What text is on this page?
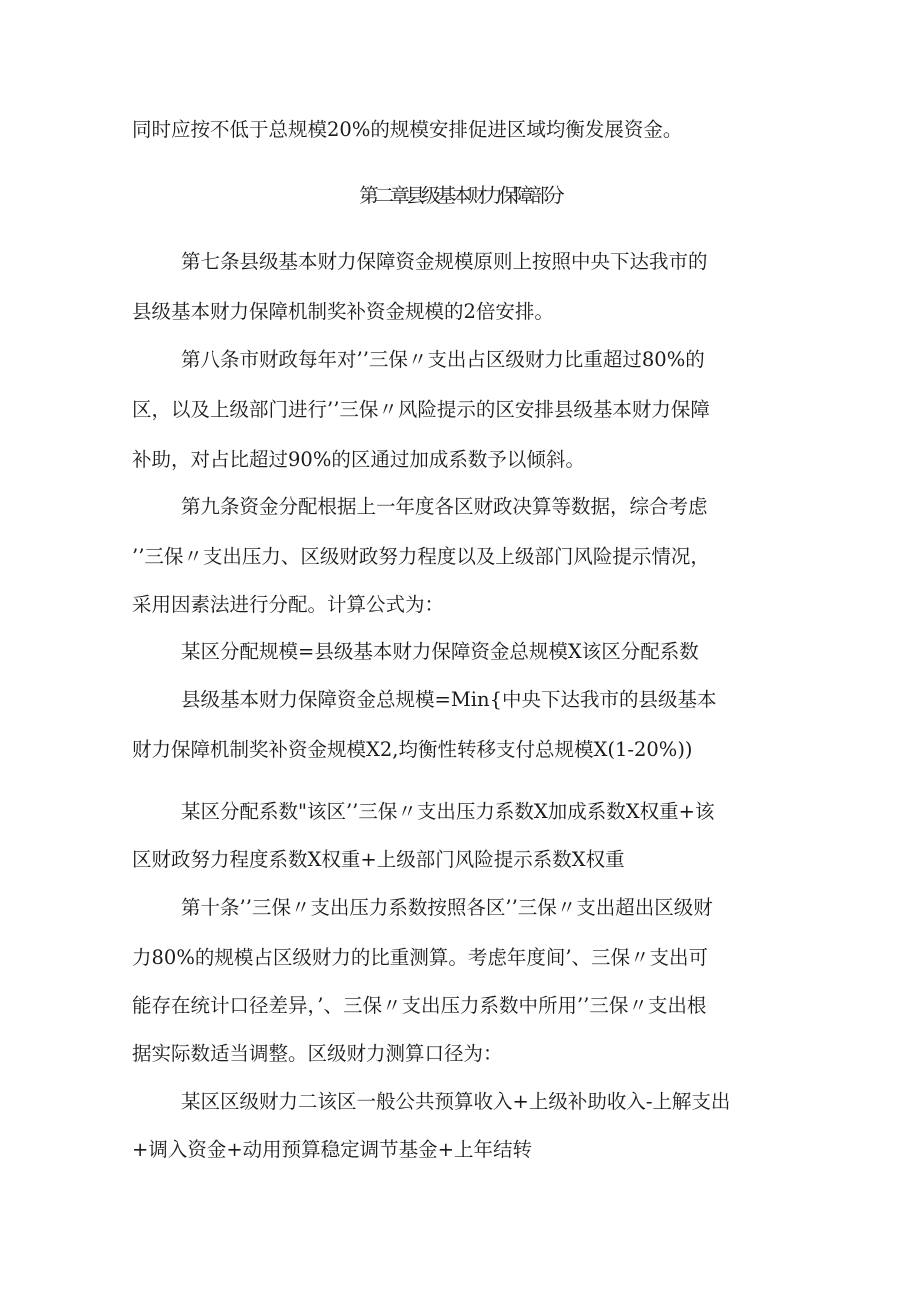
同时应按不低于总规模20%的规模安排促进区域均衡发展资金。

第二章县级基本财力保障部分

第七条县级基本财力保障资金规模原则上按照中央下达我市的

县级基本财力保障机制奖补资金规模的2倍安排。

第八条市财政每年对’’三保〃支出占区级财力比重超过80%的

区，以及上级部门进行’’三保〃风险提示的区安排县级基本财力保障

补助，对占比超过90%的区通过加成系数予以倾斜。

第九条资金分配根据上一年度各区财政决算等数据，综合考虑

’’三保〃支出压力、区级财政努力程度以及上级部门风险提示情况，

采用因素法进行分配。计算公式为：

某区分配规模=县级基本财力保障资金总规模X该区分配系数

县级基本财力保障资金总规模=Min{中央下达我市的县级基本

财力保障机制奖补资金规模X2,均衡性转移支付总规模X(1-20%))

某区分配系数"该区’’三保〃支出压力系数X加成系数X权重+该

区财政努力程度系数X权重+上级部门风险提示系数X权重

第十条’’三保〃支出压力系数按照各区’’三保〃支出超出区级财

力80%的规模占区级财力的比重测算。考虑年度间’、三保〃支出可

能存在统计口径差异，’、三保〃支出压力系数中所用’’三保〃支出根

据实际数适当调整。区级财力测算口径为：

某区区级财力二该区一般公共预算收入+上级补助收入-上解支出

+调入资金+动用预算稳定调节基金+上年结转
